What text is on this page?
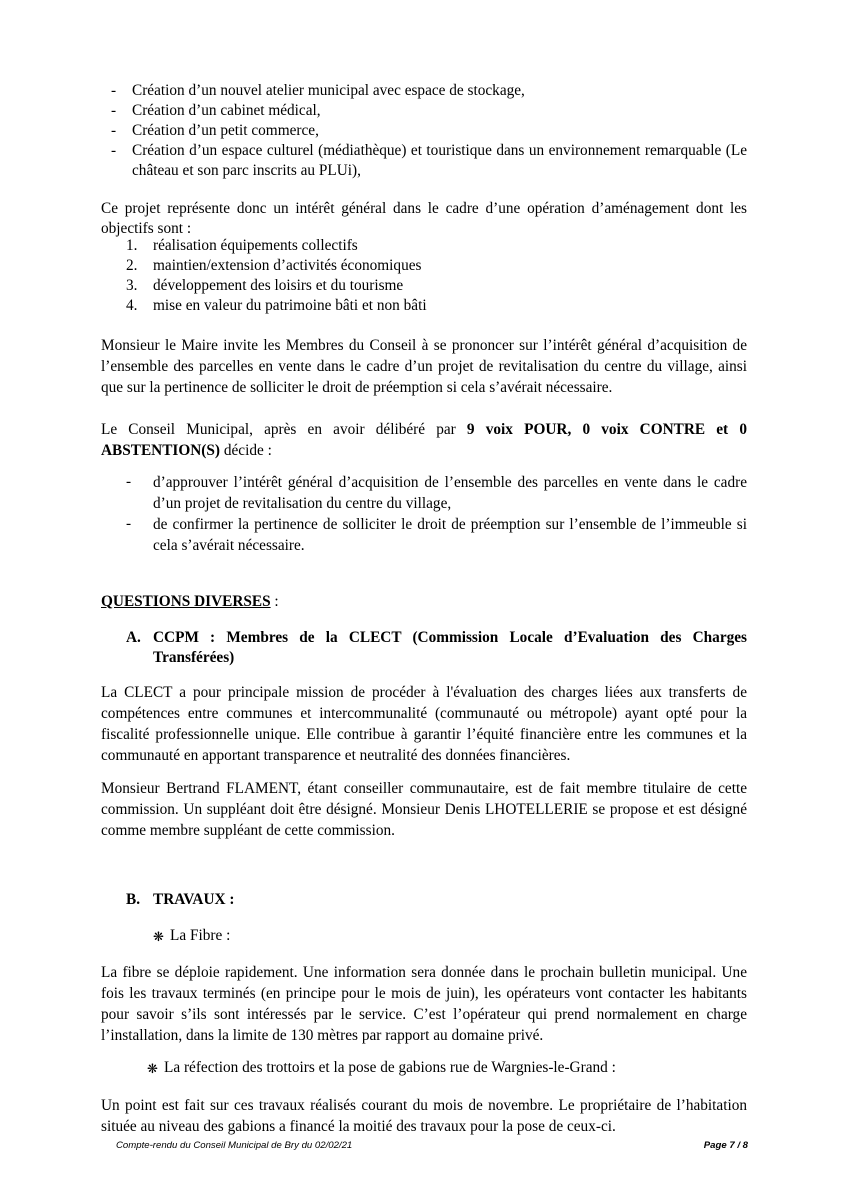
- Création d’un nouvel atelier municipal avec espace de stockage,
- Création d’un cabinet médical,
- Création d’un petit commerce,
- Création d’un espace culturel (médiathèque) et touristique dans un environnement remarquable (Le château et son parc inscrits au PLUi),
Ce projet représente donc un intérêt général dans le cadre d’une opération d’aménagement dont les objectifs sont :
1. réalisation équipements collectifs
2. maintien/extension d’activités économiques
3. développement des loisirs et du tourisme
4. mise en valeur du patrimoine bâti et non bâti
Monsieur le Maire invite les Membres du Conseil à se prononcer sur l’intérêt général d’acquisition de l’ensemble des parcelles en vente dans le cadre d’un projet de revitalisation du centre du village, ainsi que sur la pertinence de solliciter le droit de préemption si cela s’avérait nécessaire.
Le Conseil Municipal, après en avoir délibéré par 9 voix POUR, 0 voix CONTRE et 0 ABSTENTION(S) décide :
- d’approuver l’intérêt général d’acquisition de l’ensemble des parcelles en vente dans le cadre d’un projet de revitalisation du centre du village,
- de confirmer la pertinence de solliciter le droit de préemption sur l’ensemble de l’immeuble si cela s’avérait nécessaire.
QUESTIONS DIVERSES :
A. CCPM : Membres de la CLECT (Commission Locale d’Evaluation des Charges Transférées)
La CLECT a pour principale mission de procéder à l'évaluation des charges liées aux transferts de compétences entre communes et intercommunalité (communauté ou métropole) ayant opté pour la fiscalité professionnelle unique. Elle contribue à garantir l’équité financière entre les communes et la communauté en apportant transparence et neutralité des données financières.
Monsieur Bertrand FLAMENT, étant conseiller communautaire, est de fait membre titulaire de cette commission. Un suppléant doit être désigné. Monsieur Denis LHOTELLERIE se propose et est désigné comme membre suppléant de cette commission.
B. TRAVAUX :
❋ La Fibre :
La fibre se déploie rapidement. Une information sera donnée dans le prochain bulletin municipal. Une fois les travaux terminés (en principe pour le mois de juin), les opérateurs vont contacter les habitants pour savoir s’ils sont intéressés par le service. C’est l’opérateur qui prend normalement en charge l’installation, dans la limite de 130 mètres par rapport au domaine privé.
❋ La réfection des trottoirs et la pose de gabions rue de Wargnies-le-Grand :
Un point est fait sur ces travaux réalisés courant du mois de novembre. Le propriétaire de l’habitation située au niveau des gabions a financé la moitié des travaux pour la pose de ceux-ci.
Compte-rendu du Conseil Municipal de Bry du 02/02/21	Page 7 / 8
